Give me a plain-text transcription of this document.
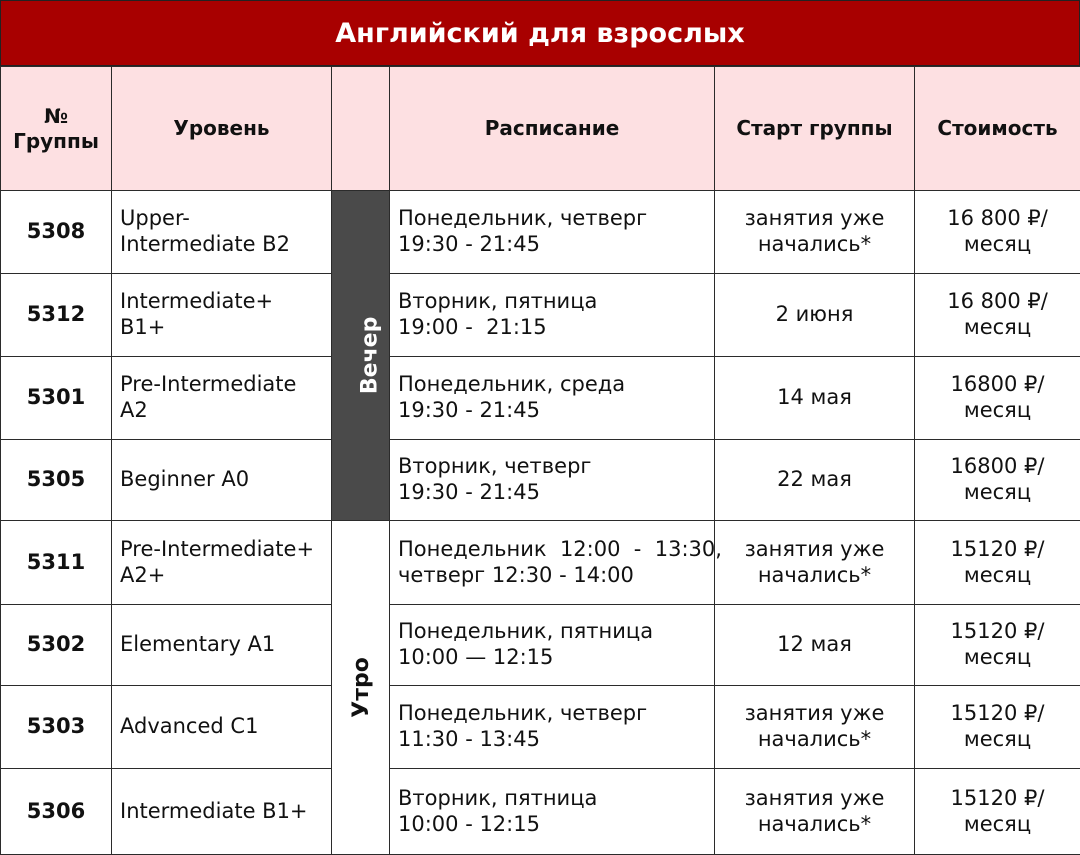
Английский для взрослых
№
Группы	Уровень		Расписание	Старт группы	Стоимость
5308	Upper-
Intermediate B2	Вечер	Понедельник, четверг
19:30 - 21:45	занятия уже
начались*	16 800 ₽/
месяц

5312	Intermediate+ B1+		Вторник, пятница
19:00 -  21:15	2 июня	16 800 ₽/
месяц

5301	Pre-Intermediate
A2		Понедельник, среда
19:30 - 21:45	14 мая	16800 ₽/
месяц

5305	Beginner A0		Вторник, четверг
19:30 - 21:45	22 мая	16800 ₽/
месяц

5311	Pre-Intermediate+
A2+	Утро	Понедельник  12:00  -  13:30,
четверг 12:30 - 14:00	занятия уже
начались*	15120 ₽/
месяц

5302	Elementary A1		Понедельник, пятница
10:00 — 12:15	12 мая	15120 ₽/
месяц

5303	Advanced C1		Понедельник, четверг
11:30 - 13:45	занятия уже
начались*	15120 ₽/
месяц

5306	Intermediate B1+		Вторник, пятница
10:00 - 12:15	занятия уже
начались*	15120 ₽/
месяц
